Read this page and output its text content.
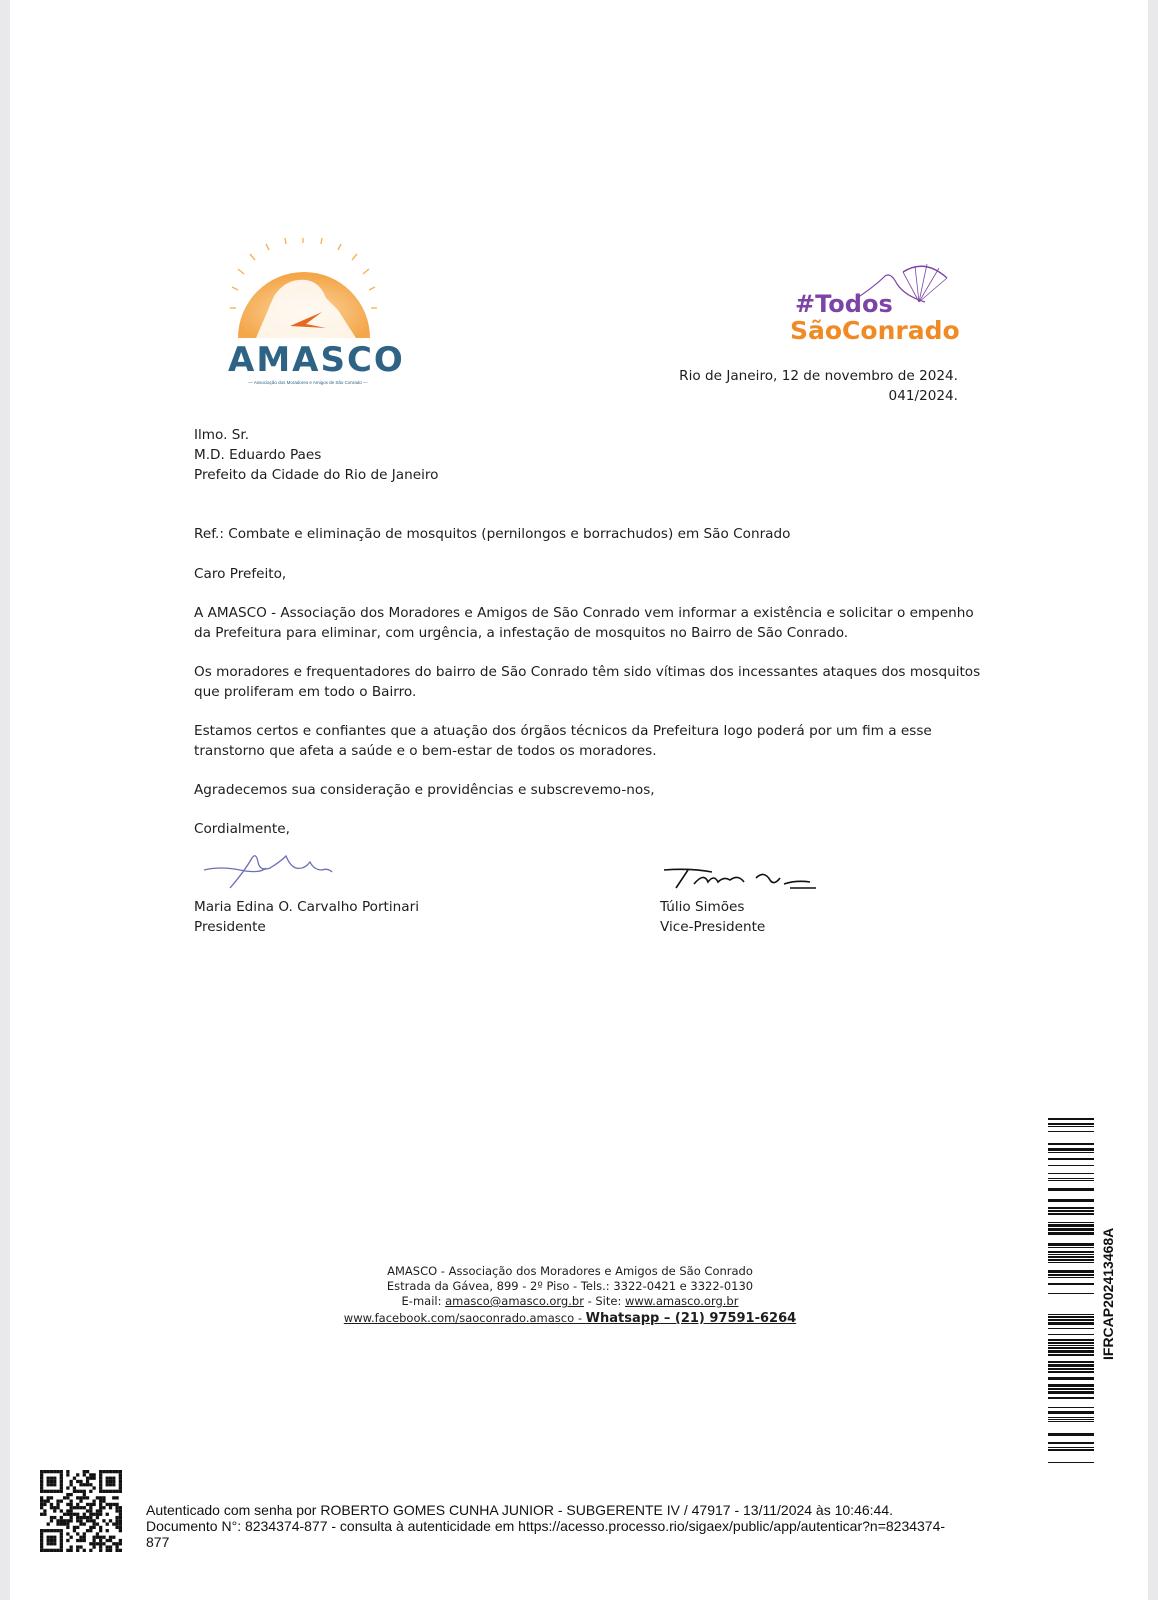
AMASCO
— Associação dos Moradores e Amigos de São Conrado —
#Todos
SãoConrado
Rio de Janeiro, 12 de novembro de 2024.
041/2024.
Ilmo. Sr.
M.D. Eduardo Paes
Prefeito da Cidade do Rio de Janeiro
Ref.: Combate e eliminação de mosquitos (pernilongos e borrachudos) em São Conrado
Caro Prefeito,
A AMASCO - Associação dos Moradores e Amigos de São Conrado vem informar a existência e solicitar o empenho
da Prefeitura para eliminar, com urgência, a infestação de mosquitos no Bairro de São Conrado.
Os moradores e frequentadores do bairro de São Conrado têm sido vítimas dos incessantes ataques dos mosquitos
que proliferam em todo o Bairro.
Estamos certos e confiantes que a atuação dos órgãos técnicos da Prefeitura logo poderá por um fim a esse
transtorno que afeta a saúde e o bem-estar de todos os moradores.
Agradecemos sua consideração e providências e subscrevemo-nos,
Cordialmente,
Maria Edina O. Carvalho Portinari
Presidente
Túlio Simões
Vice-Presidente
AMASCO - Associação dos Moradores e Amigos de São Conrado
Estrada da Gávea, 899 - 2º Piso - Tels.: 3322-0421 e 3322-0130
E-mail: amasco@amasco.org.br - Site: www.amasco.org.br
www.facebook.com/saoconrado.amasco - Whatsapp – (21) 97591-6264	IFRCAP202413468A
Autenticado com senha por ROBERTO GOMES CUNHA JUNIOR - SUBGERENTE IV / 47917 - 13/11/2024 às 10:46:44.
Documento N°: 8234374-877 - consulta à autenticidade em https://acesso.processo.rio/sigaex/public/app/autenticar?n=8234374-
877
